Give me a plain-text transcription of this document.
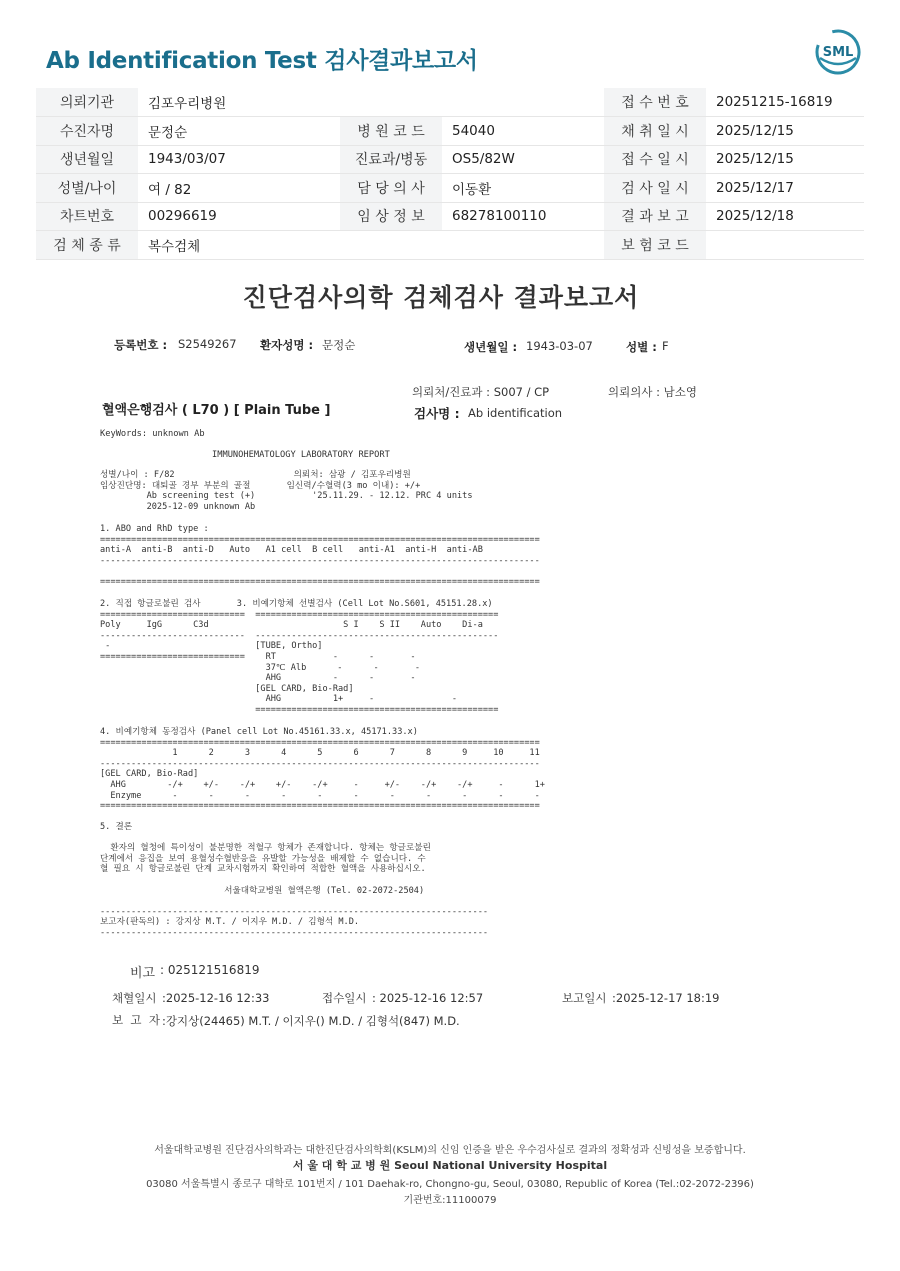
Ab Identification Test 검사결과보고서	SML
의뢰기관	김포우리병원			접 수 번 호	20251215-16819
수진자명	문정순	병 원 코 드	54040	채 취 일 시	2025/12/15
생년월일	1943/03/07	진료과/병동	OS5/82W	접 수 일 시	2025/12/15
성별/나이	여 / 82	담 당 의 사	이동환	검 사 일 시	2025/12/17
차트번호	00296619	임 상 정 보	68278100110	결 과 보 고	2025/12/18
검 체 종 류	복수검체			보 험 코 드	
진단검사의학 검체검사 결과보고서
등록번호 : S2549267 환자성명 : 문정순	생년월일 : 1943-03-07	성별 : F
의뢰처/진료과 : S007 / CP	의뢰의사 : 남소영
혈액은행검사 ( L70 ) [ Plain Tube ]	검사명 : Ab identification
KeyWords: unknown Ab
IMMUNOHEMATOLOGY LABORATORY REPORT
성별/나이 : F/82                       의뢰처: 삼광 / 김포우리병원
임상진단명: 대퇴골 경부 부분의 골절       임신력/수혈력(3 mo 이내): +/+
Ab screening test (+)           '25.11.29. - 12.12. PRC 4 units
2025-12-09 unknown Ab
1. ABO and RhD type :
=====================================================================================
anti-A  anti-B  anti-D   Auto   A1 cell  B cell   anti-A1  anti-H  anti-AB
-------------------------------------------------------------------------------------

=====================================================================================
2. 직접 항글로불린 검사       3. 비예기항체 선별검사 (Cell Lot No.S601, 45151.28.x)
============================  ===============================================
Poly     IgG      C3d                          S I    S II    Auto    Di-a
----------------------------  -----------------------------------------------
-                            [TUBE, Ortho]
============================    RT           -      -       -
37℃ Alb      -      -       -
AHG          -      -       -
[GEL CARD, Bio-Rad]
AHG          1+     -               -
===============================================
4. 비예기항체 동정검사 (Panel cell Lot No.45161.33.x, 45171.33.x)
=====================================================================================
1      2      3      4      5      6      7      8      9     10     11
-------------------------------------------------------------------------------------
[GEL CARD, Bio-Rad]
AHG        -/+    +/-    -/+    +/-    -/+     -     +/-    -/+    -/+     -      1+
Enzyme      -      -      -      -      -      -      -      -      -      -      -
=====================================================================================
5. 결론

환자의 혈청에 특이성이 불분명한 적혈구 항체가 존재합니다. 항체는 항글로불린
단계에서 응집을 보여 용혈성수혈반응을 유발할 가능성을 배제할 수 없습니다. 수
혈 필요 시 항글로불린 단계 교차시험까지 확인하여 적합한 혈액을 사용하십시오.

서울대학교병원 혈액은행 (Tel. 02-2072-2504)

---------------------------------------------------------------------------
보고자(판독의) : 강지상 M.T. / 이지우 M.D. / 김형석 M.D.
---------------------------------------------------------------------------
비고 : 025121516819
채혈일시 :2025-12-16 12:33	접수일시 : 2025-12-16 12:57	보고일시 :2025-12-17 18:19
보  고  자 :강지상(24465) M.T. / 이지우() M.D. / 김형석(847) M.D.
서울대학교병원 진단검사의학과는 대한진단검사의학회(KSLM)의 신임 인증을 받은 우수검사실로 결과의 정확성과 신빙성을 보증합니다.
서 울 대 학 교 병 원 Seoul National University Hospital
03080 서울특별시 종로구 대학로 101번지 / 101 Daehak-ro, Chongno-gu, Seoul, 03080, Republic of Korea (Tel.:02-2072-2396)
기관번호:11100079
